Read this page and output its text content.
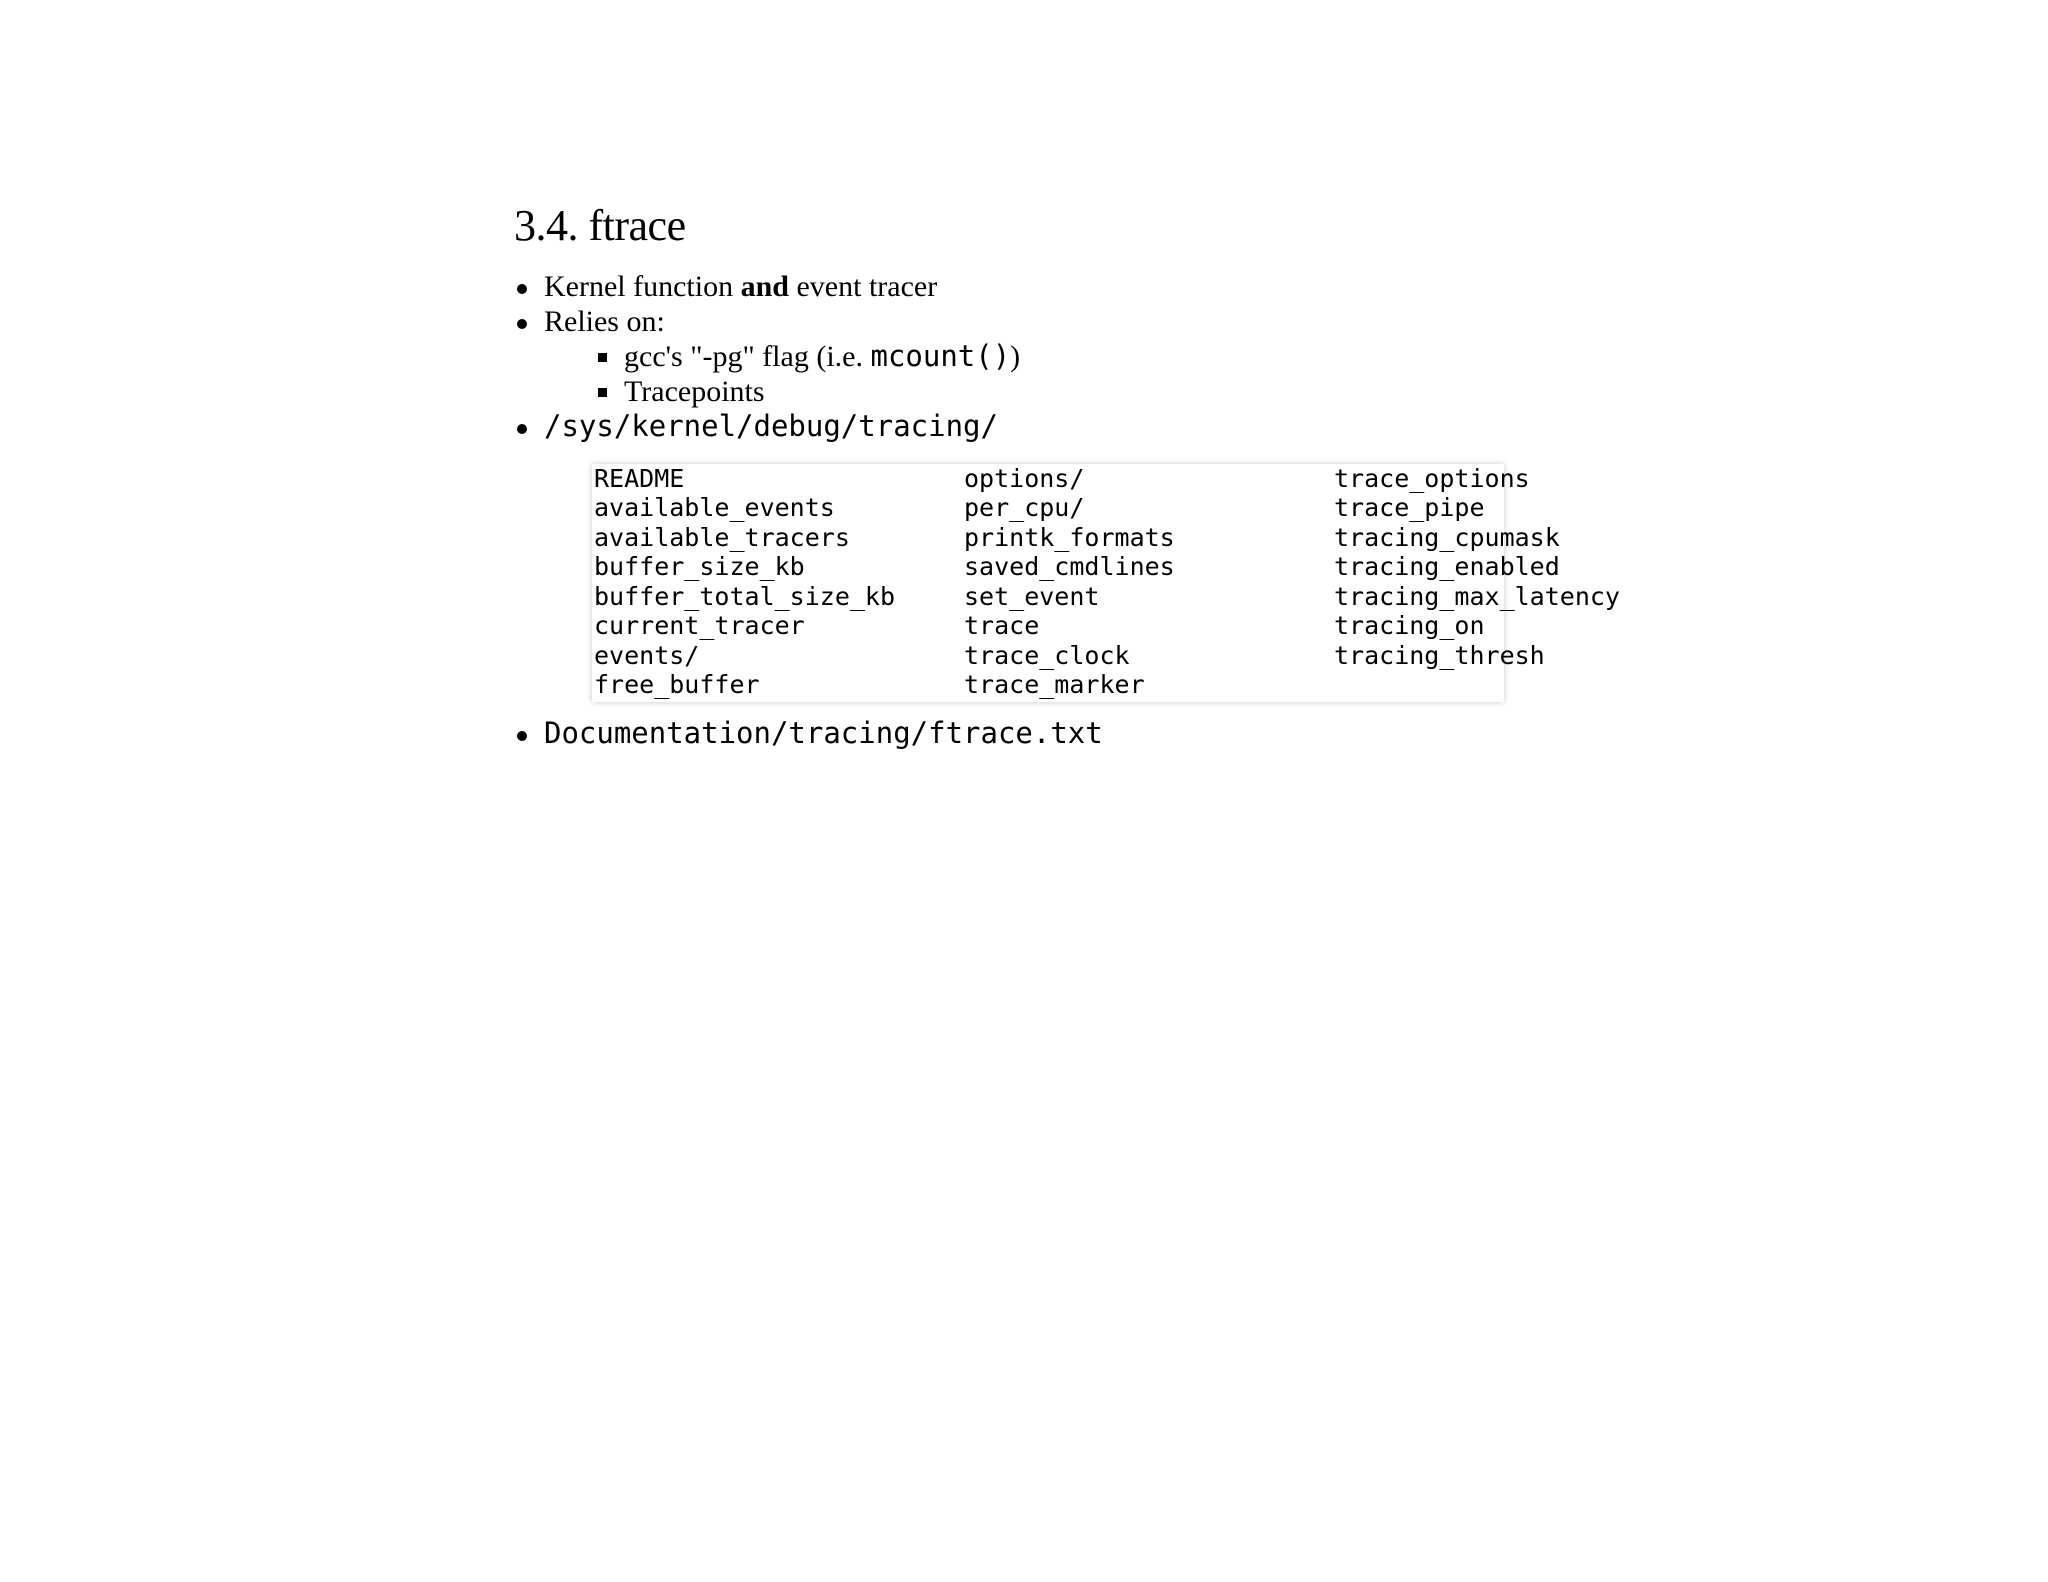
3.4. ftrace
Kernel function and event tracer
Relies on:
gcc's "-pg" flag (i.e. mcount())
Tracepoints
/sys/kernel/debug/tracing/
README
available_events
available_tracers
buffer_size_kb
buffer_total_size_kb
current_tracer
events/
free_buffer
options/
per_cpu/
printk_formats
saved_cmdlines
set_event
trace
trace_clock
trace_marker
trace_options
trace_pipe
tracing_cpumask
tracing_enabled
tracing_max_latency
tracing_on
tracing_thresh
Documentation/tracing/ftrace.txt
